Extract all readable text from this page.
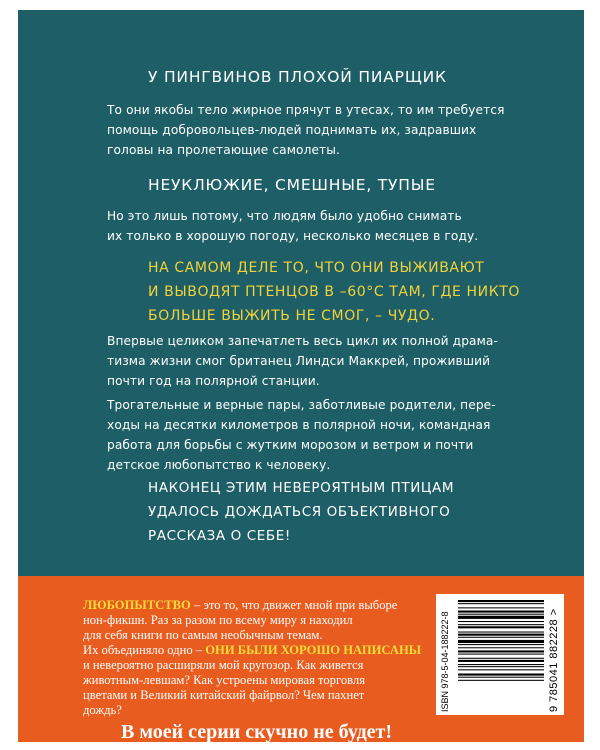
У ПИНГВИНОВ ПЛОХОЙ ПИАРЩИК

То они якобы тело жирное прячут в утесах, то им требуется
помощь добровольцев-людей поднимать их, задравших
головы на пролетающие самолеты.

НЕУКЛЮЖИЕ, СМЕШНЫЕ, ТУПЫЕ

Но это лишь потому, что людям было удобно снимать
их только в хорошую погоду, несколько месяцев в году.
НА САМОМ ДЕЛЕ ТО, ЧТО ОНИ ВЫЖИВАЮТ
И ВЫВОДЯТ ПТЕНЦОВ В –60°C ТАМ, ГДЕ НИКТО
БОЛЬШЕ ВЫЖИТЬ НЕ СМОГ, – ЧУДО.
Впервые целиком запечатлеть весь цикл их полной драма-
тизма жизни смог британец Линдси Маккрей, проживший
почти год на полярной станции.
Трогательные и верные пары, заботливые родители, пере-
ходы на десятки километров в полярной ночи, командная
работа для борьбы с жутким морозом и ветром и почти
детское любопытство к человеку.
НАКОНЕЦ ЭТИМ НЕВЕРОЯТНЫМ ПТИЦАМ
УДАЛОСЬ ДОЖДАТЬСЯ ОБЪЕКТИВНОГО
РАССКАЗА О СЕБЕ!
ЛЮБОПЫТСТВО – это то, что движет мной при выборе
нон-фикшн. Раз за разом по всему миру я находил
для себя книги по самым необычным темам.
Их объединяло одно – ОНИ БЫЛИ ХОРОШО НАПИСАНЫ
и невероятно расширяли мой кругозор. Как живется
животным-левшам? Как устроены мировая торговля
цветами и Великий китайский файрвол? Чем пахнет
дождь?

В моей серии скучно не будет!

ISBN 978-5-04-188222-8	9 785041 882228 >
